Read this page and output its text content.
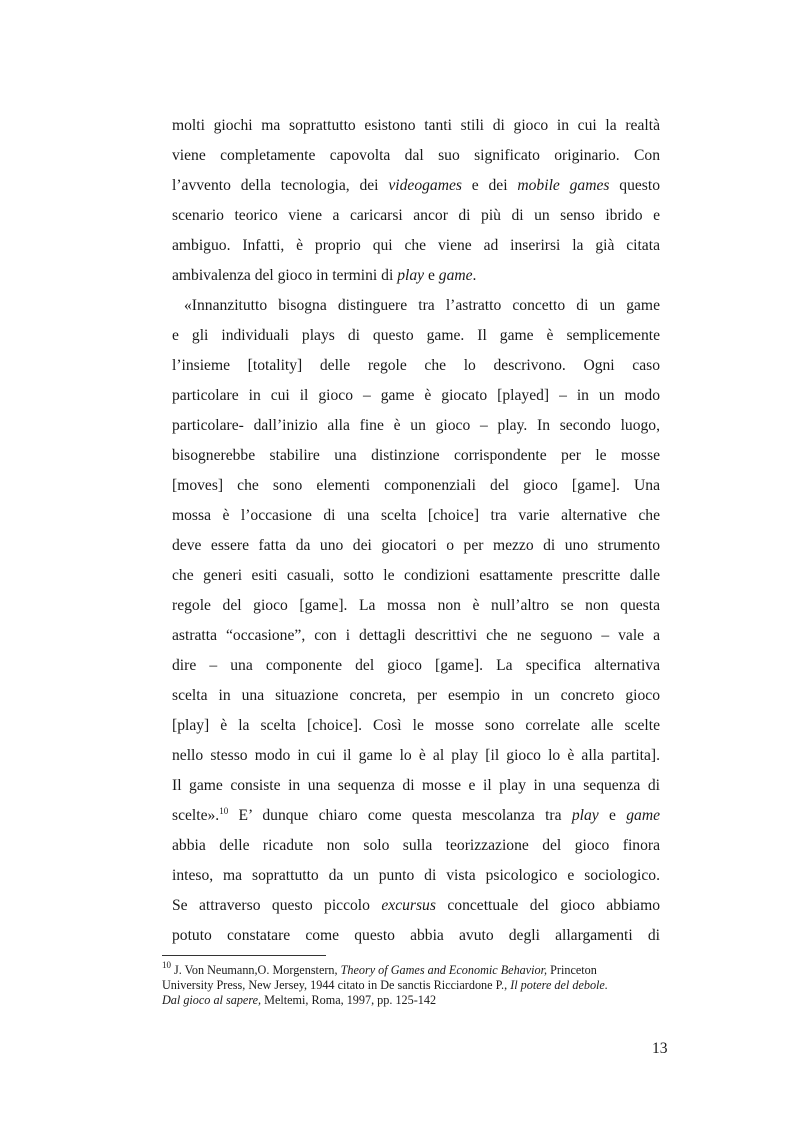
molti giochi ma soprattutto esistono tanti stili di gioco in cui la realtà
viene completamente capovolta dal suo significato originario. Con
l’avvento della tecnologia, dei videogames e dei mobile games questo
scenario teorico viene a caricarsi ancor di più di un senso ibrido e
ambiguo. Infatti, è proprio qui che viene ad inserirsi la già citata
ambivalenza del gioco in termini di play e game.
«Innanzitutto bisogna distinguere tra l’astratto concetto di un game
e gli individuali plays di questo game. Il game è semplicemente
l’insieme [totality] delle regole che lo descrivono. Ogni caso
particolare in cui il gioco – game è giocato [played] – in un modo
particolare- dall’inizio alla fine è un gioco – play. In secondo luogo,
bisognerebbe stabilire una distinzione corrispondente per le mosse
[moves] che sono elementi componenziali del gioco [game]. Una
mossa è l’occasione di una scelta [choice] tra varie alternative che
deve essere fatta da uno dei giocatori o per mezzo di uno strumento
che generi esiti casuali, sotto le condizioni esattamente prescritte dalle
regole del gioco [game]. La mossa non è null’altro se non questa
astratta “occasione”, con i dettagli descrittivi che ne seguono – vale a
dire – una componente del gioco [game]. La specifica alternativa
scelta in una situazione concreta, per esempio in un concreto gioco
[play] è la scelta [choice]. Così le mosse sono correlate alle scelte
nello stesso modo in cui il game lo è al play [il gioco lo è alla partita].
Il game consiste in una sequenza di mosse e il play in una sequenza di
scelte».$^{10}$ E’ dunque chiaro come questa mescolanza tra play e game
abbia delle ricadute non solo sulla teorizzazione del gioco finora
inteso, ma soprattutto da un punto di vista psicologico e sociologico.
Se attraverso questo piccolo excursus concettuale del gioco abbiamo
potuto constatare come questo abbia avuto degli allargamenti di
$^{10}$ J. Von Neumann,O. Morgenstern, Theory of Games and Economic Behavior, Princeton
University Press, New Jersey, 1944 citato in De sanctis Ricciardone P., Il potere del debole.
Dal gioco al sapere, Meltemi, Roma, 1997, pp. 125-142
13
